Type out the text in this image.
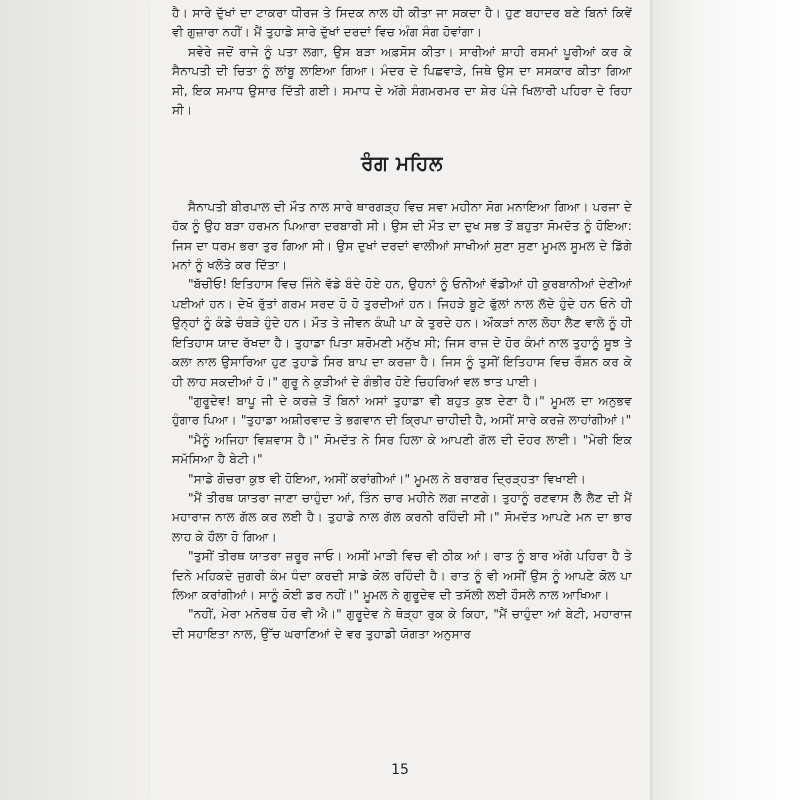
ਹੈ। ਸਾਰੇ ਦੁੱਖਾਂ ਦਾ ਟਾਕਰਾ ਧੀਰਜ ਤੇ ਸਿਦਕ ਨਾਲ ਹੀ ਕੀਤਾ ਜਾ ਸਕਦਾ ਹੈ। ਹੁਣ ਬਹਾਦਰ ਬਣੇ ਬਿਨਾਂ ਕਿਵੇਂ ਵੀ ਗੁਜ਼ਾਰਾ ਨਹੀਂ। ਮੈਂ ਤੁਹਾਡੇ ਸਾਰੇ ਦੁੱਖਾਂ ਦਰਦਾਂ ਵਿਚ ਅੰਗ ਸੰਗ ਹੋਵਾਂਗਾ।

ਸਵੇਰੇ ਜਦੋਂ ਰਾਜੇ ਨੂੰ ਪਤਾ ਲਗਾ, ਉਸ ਬੜਾ ਅਫ਼ਸੋਸ ਕੀਤਾ। ਸਾਰੀਆਂ ਸ਼ਾਹੀ ਰਸਮਾਂ ਪੂਰੀਆਂ ਕਰ ਕੇ ਸੈਨਾਪਤੀ ਦੀ ਚਿਤਾ ਨੂੰ ਲਾਂਬੂ ਲਾਇਆ ਗਿਆ। ਮੰਦਰ ਦੇ ਪਿਛਵਾੜੇ, ਜਿਥੇ ਉਸ ਦਾ ਸਸਕਾਰ ਕੀਤਾ ਗਿਆ ਸੀ, ਇਕ ਸਮਾਧ ਉਸਾਰ ਦਿੱਤੀ ਗਈ। ਸਮਾਧ ਦੇ ਅੱਗੇ ਸੰਗਮਰਮਰ ਦਾ ਸ਼ੇਰ ਪੰਜੇ ਖਿਲਾਰੀ ਪਹਿਰਾ ਦੇ ਰਿਹਾ ਸੀ।

ਰੰਗ ਮਹਿਲ

ਸੈਨਾਪਤੀ ਬੀਰਪਾਲ ਦੀ ਮੌਤ ਨਾਲ ਸਾਰੇ ਥਾਰਗੜ੍ਹ ਵਿਚ ਸਵਾ ਮਹੀਨਾ ਸੋਗ ਮਨਾਇਆ ਗਿਆ। ਪਰਜਾ ਦੇ ਹੱਕ ਨੂੰ ਉਹ ਬੜਾ ਹਰਮਨ ਪਿਆਰਾ ਦਰਬਾਰੀ ਸੀ। ਉਸ ਦੀ ਮੌਤ ਦਾ ਦੁਖ ਸਭ ਤੋਂ ਬਹੁਤਾ ਸੋਮਦੱਤ ਨੂੰ ਹੋਇਆ: ਜਿਸ ਦਾ ਧਰਮ ਭਰਾ ਤੁਰ ਗਿਆ ਸੀ। ਉਸ ਦੁਖਾਂ ਦਰਦਾਂ ਵਾਲੀਆਂ ਸਾਖੀਆਂ ਸੁਣਾ ਸੁਣਾ ਮੂਮਲ ਸੂਮਲ ਦੇ ਡਿੱਗੇ ਮਨਾਂ ਨੂੰ ਖਲੋਤੇ ਕਰ ਦਿੱਤਾ।

"ਬੱਚੀਓ! ਇਤਿਹਾਸ ਵਿਚ ਜਿੰਨੇ ਵੱਡੇ ਬੰਦੇ ਹੋਏ ਹਨ, ਉਹਨਾਂ ਨੂੰ ਓਨੀਆਂ ਵੱਡੀਆਂ ਹੀ ਕੁਰਬਾਨੀਆਂ ਦੇਣੀਆਂ ਪਈਆਂ ਹਨ। ਦੇਖੋ ਰੁੱਤਾਂ ਗਰਮ ਸਰਦ ਹੋ ਹੋ ਤੁਰਦੀਆਂ ਹਨ। ਜਿਹੜੇ ਬੂਟੇ ਫੁੱਲਾਂ ਨਾਲ ਲੱਦੇ ਹੁੰਦੇ ਹਨ ਓਨੇ ਹੀ ਉਨ੍ਹਾਂ ਨੂੰ ਕੰਡੇ ਚੰਬੜੇ ਹੁੰਦੇ ਹਨ। ਮੌਤ ਤੇ ਜੀਵਨ ਕੰਘੀ ਪਾ ਕੇ ਤੁਰਦੇ ਹਨ। ਔਕੜਾਂ ਨਾਲ ਲੋਹਾ ਲੈਣ ਵਾਲੇ ਨੂੰ ਹੀ ਇਤਿਹਾਸ ਯਾਦ ਰੱਖਦਾ ਹੈ। ਤੁਹਾਡਾ ਪਿਤਾ ਸ਼ਰੋਮਣੀ ਮਨੁੱਖ ਸੀ; ਜਿਸ ਰਾਜ ਦੇ ਹੋਰ ਕੰਮਾਂ ਨਾਲ ਤੁਹਾਨੂੰ ਸੂਝ ਤੇ ਕਲਾ ਨਾਲ ਉਸਾਰਿਆ ਹੁਣ ਤੁਹਾਡੇ ਸਿਰ ਬਾਪ ਦਾ ਕਰਜ਼ਾ ਹੈ। ਜਿਸ ਨੂੰ ਤੁਸੀਂ ਇਤਿਹਾਸ ਵਿਚ ਰੌਸ਼ਨ ਕਰ ਕੇ ਹੀ ਲਾਹ ਸਕਦੀਆਂ ਹੋ।" ਗੁਰੂ ਨੇ ਕੁੜੀਆਂ ਦੇ ਗੰਭੀਰ ਹੋਏ ਚਿਹਰਿਆਂ ਵਲ ਝਾਤ ਪਾਈ।

"ਗੁਰੂਦੇਵ! ਬਾਪੂ ਜੀ ਦੇ ਕਰਜ਼ੇ ਤੋਂ ਬਿਨਾਂ ਅਸਾਂ ਤੁਹਾਡਾ ਵੀ ਬਹੁਤ ਕੁਝ ਦੇਣਾ ਹੈ।" ਮੂਮਲ ਦਾ ਅਨੁਭਵ ਹੁੰਗਾਰ ਪਿਆ। "ਤੁਹਾਡਾ ਅਸ਼ੀਰਵਾਦ ਤੇ ਭਗਵਾਨ ਦੀ ਕ੍ਰਿਪਾ ਚਾਹੀਦੀ ਹੈ, ਅਸੀਂ ਸਾਰੇ ਕਰਜ਼ੇ ਲਾਹਾਂਗੀਆਂ।"

"ਮੈਨੂੰ ਅਜਿਹਾ ਵਿਸ਼ਵਾਸ ਹੈ।" ਸੋਮਦੱਤ ਨੇ ਸਿਰ ਹਿਲਾ ਕੇ ਆਪਣੀ ਗੱਲ ਦੀ ਦੋਹਰ ਲਾਈ। "ਮੇਰੀ ਇਕ ਸਮੱਸਿਆ ਹੈ ਬੇਟੀ।"

"ਸਾਡੇ ਗੋਚਰਾ ਕੁਝ ਵੀ ਹੋਇਆ, ਅਸੀਂ ਕਰਾਂਗੀਆਂ।" ਮੂਮਲ ਨੇ ਬਰਾਬਰ ਦ੍ਰਿੜ੍ਹਤਾ ਵਿਖਾਈ।

"ਮੈਂ ਤੀਰਥ ਯਾਤਰਾ ਜਾਣਾ ਚਾਹੁੰਦਾ ਆਂ, ਤਿੰਨ ਚਾਰ ਮਹੀਨੇ ਲਗ ਜਾਣਗੇ। ਤੁਹਾਨੂੰ ਰਣਵਾਸ ਲੈ ਲੈਣ ਦੀ ਮੈਂ ਮਹਾਰਾਜ ਨਾਲ ਗੱਲ ਕਰ ਲਈ ਹੈ। ਤੁਹਾਡੇ ਨਾਲ ਗੱਲ ਕਰਨੀ ਰਹਿੰਦੀ ਸੀ।" ਸੋਮਦੱਤ ਆਪਣੇ ਮਨ ਦਾ ਭਾਰ ਲਾਹ ਕੇ ਹੌਲਾ ਹੋ ਗਿਆ।

"ਤੁਸੀਂ ਤੀਰਥ ਯਾਤਰਾ ਜ਼ਰੂਰ ਜਾਓ। ਅਸੀਂ ਮਾੜੀ ਵਿਚ ਵੀ ਠੀਕ ਆਂ। ਰਾਤ ਨੂੰ ਬਾਰ ਅੱਗੇ ਪਹਿਰਾ ਹੈ ਤੇ ਦਿਨੇ ਮਹਿਕਦੇ ਜੁਗਰੀ ਕੰਮ ਧੰਦਾ ਕਰਦੀ ਸਾਡੇ ਕੋਲ ਰਹਿੰਦੀ ਹੈ। ਰਾਤ ਨੂੰ ਵੀ ਅਸੀਂ ਉਸ ਨੂੰ ਆਪਣੇ ਕੋਲ ਪਾ ਲਿਆ ਕਰਾਂਗੀਆਂ। ਸਾਨੂੰ ਕੋਈ ਡਰ ਨਹੀਂ।" ਮੂਮਲ ਨੇ ਗੁਰੂਦੇਵ ਦੀ ਤਸੱਲੀ ਲਈ ਹੌਸਲੇ ਨਾਲ ਆਖਿਆ।

"ਨਹੀਂ, ਮੇਰਾ ਮਨੋਰਥ ਹੋਰ ਵੀ ਐ।" ਗੁਰੂਦੇਵ ਨੇ ਥੋੜ੍ਹਾ ਰੁਕ ਕੇ ਕਿਹਾ, "ਮੈਂ ਚਾਹੁੰਦਾ ਆਂ ਬੇਟੀ, ਮਹਾਰਾਜ ਦੀ ਸਹਾਇਤਾ ਨਾਲ, ਉੱਚ ਘਰਾਣਿਆਂ ਦੇ ਵਰ ਤੁਹਾਡੀ ਯੋਗਤਾ ਅਨੁਸਾਰ

15
